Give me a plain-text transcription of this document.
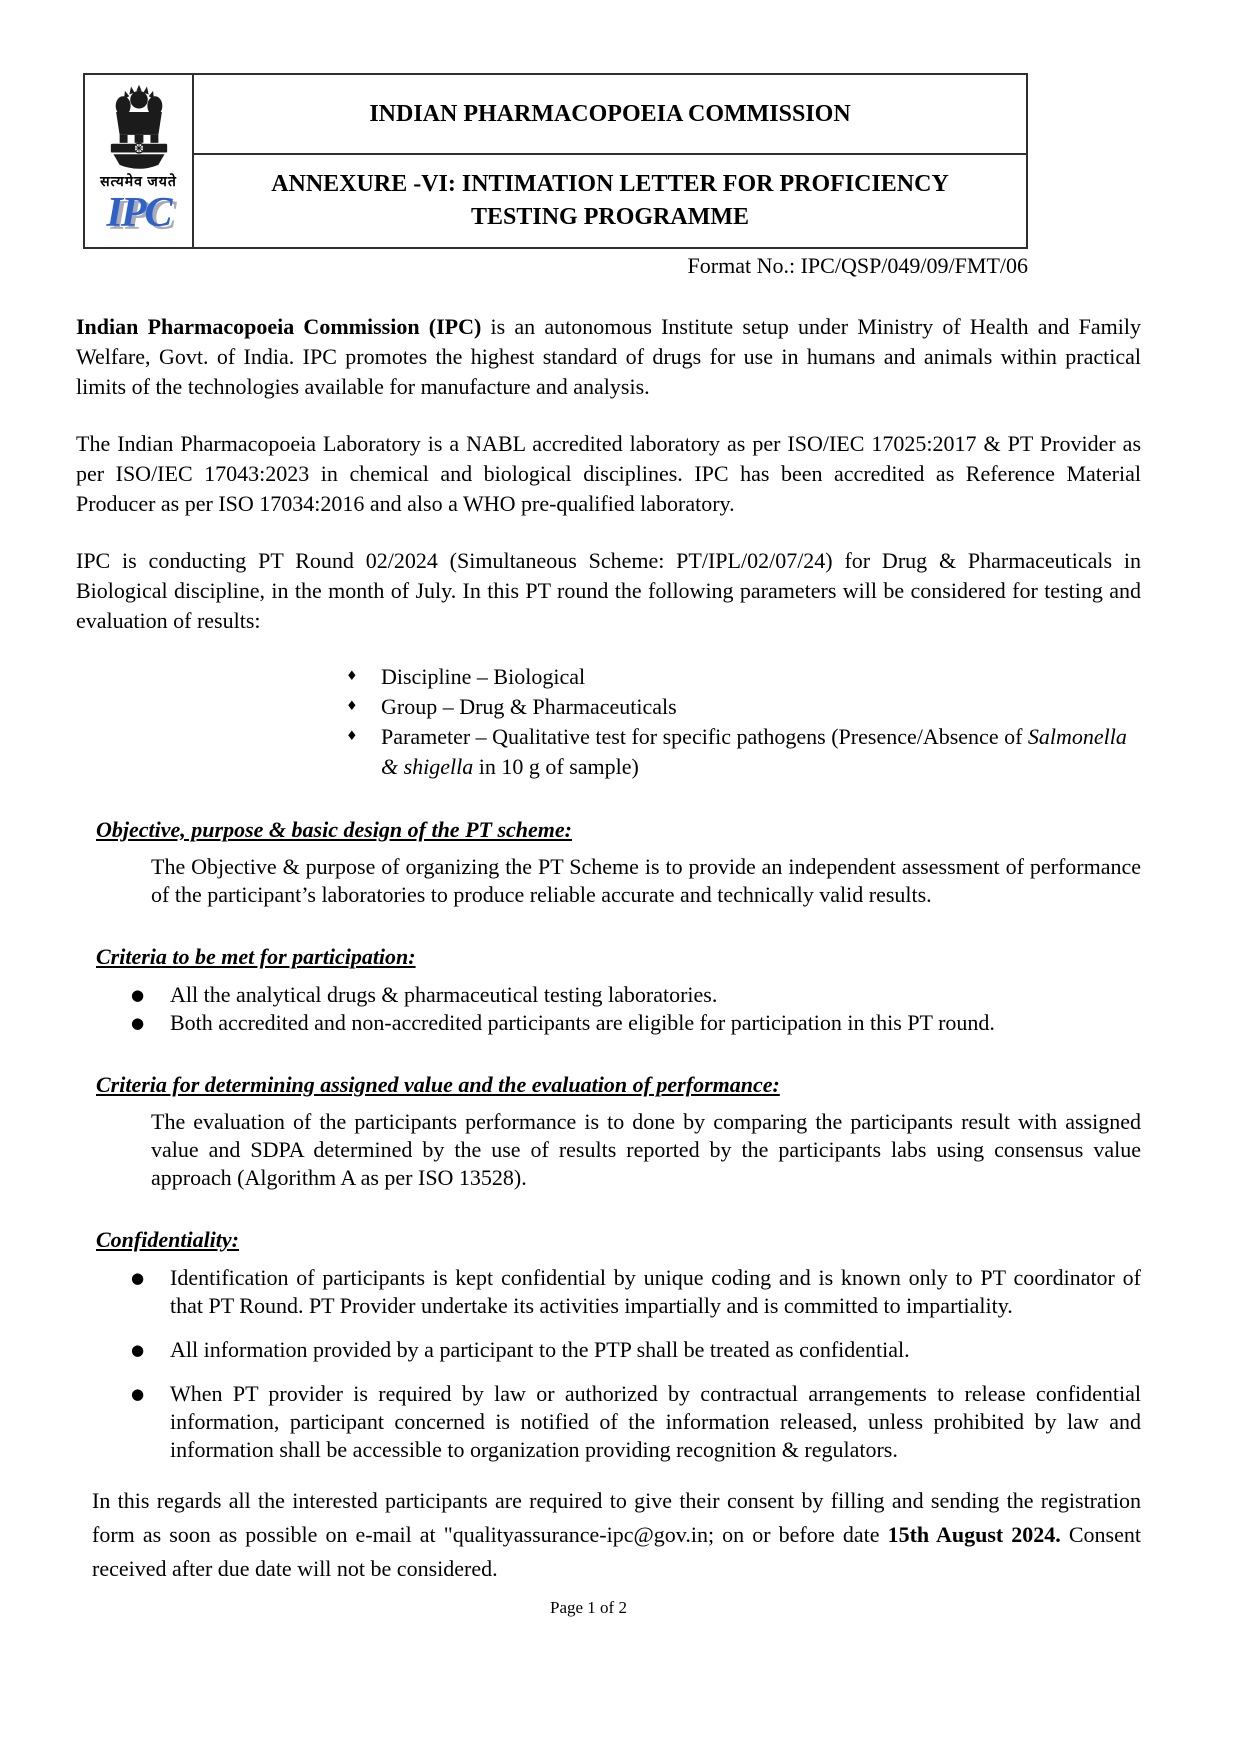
सत्यमेव जयते
IPC
INDIAN PHARMACOPOEIA COMMISSION
ANNEXURE -VI: INTIMATION LETTER FOR PROFICIENCY TESTING PROGRAMME
Format No.: IPC/QSP/049/09/FMT/06

Indian Pharmacopoeia Commission (IPC) is an autonomous Institute setup under Ministry of Health and Family Welfare, Govt. of India. IPC promotes the highest standard of drugs for use in humans and animals within practical limits of the technologies available for manufacture and analysis.

The Indian Pharmacopoeia Laboratory is a NABL accredited laboratory as per ISO/IEC 17025:2017 & PT Provider as per ISO/IEC 17043:2023 in chemical and biological disciplines. IPC has been accredited as Reference Material Producer as per ISO 17034:2016 and also a WHO pre-qualified laboratory.

IPC is conducting PT Round 02/2024 (Simultaneous Scheme: PT/IPL/02/07/24) for Drug & Pharmaceuticals in Biological discipline, in the month of July. In this PT round the following parameters will be considered for testing and evaluation of results:

♦	Discipline – Biological
♦	Group – Drug & Pharmaceuticals
♦	Parameter – Qualitative test for specific pathogens (Presence/Absence of Salmonella & shigella in 10 g of sample)
Objective, purpose & basic design of the PT scheme:

The Objective & purpose of organizing the PT Scheme is to provide an independent assessment of performance of the participant’s laboratories to produce reliable accurate and technically valid results.

Criteria to be met for participation:
●	All the analytical drugs & pharmaceutical testing laboratories.
●	Both accredited and non-accredited participants are eligible for participation in this PT round.
Criteria for determining assigned value and the evaluation of performance:

The evaluation of the participants performance is to done by comparing the participants result with assigned value and SDPA determined by the use of results reported by the participants labs using consensus value approach (Algorithm A as per ISO 13528).

Confidentiality:
●	Identification of participants is kept confidential by unique coding and is known only to PT coordinator of that PT Round. PT Provider undertake its activities impartially and is committed to impartiality.
●	All information provided by a participant to the PTP shall be treated as confidential.
●	When PT provider is required by law or authorized by contractual arrangements to release confidential information, participant concerned is notified of the information released, unless prohibited by law and information shall be accessible to organization providing recognition & regulators.

In this regards all the interested participants are required to give their consent by filling and sending the registration form as soon as possible on e-mail at "qualityassurance-ipc@gov.in; on or before date 15th August 2024. Consent received after due date will not be considered.

Page 1 of 2
